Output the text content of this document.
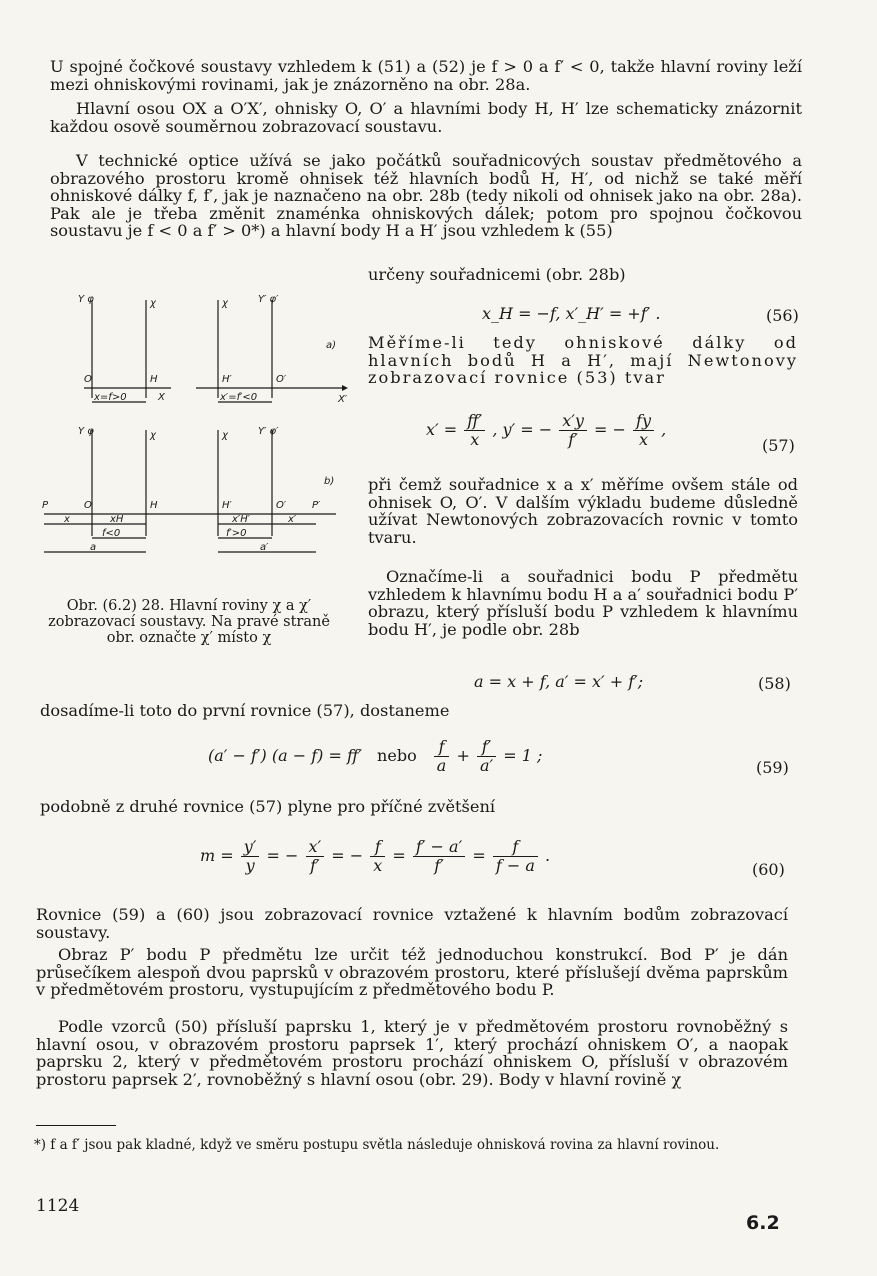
U spojné čočkové soustavy vzhledem k (51) a (52) je f > 0 a f′ < 0, takže hlavní roviny leží mezi ohniskovými rovinami, jak je znázorněno na obr. 28a.

Hlavní osou OX a O′X′, ohnisky O, O′ a hlavními body H, H′ lze schematicky znázornit každou osově souměrnou zobrazovací soustavu.

V technické optice užívá se jako počátků souřadnicových soustav předmětového a obrazového prostoru kromě ohnisek též hlavních bodů H, H′, od nichž se také měří ohniskové dálky f, f′, jak je naznačeno na obr. 28b (tedy nikoli od ohnisek jako na obr. 28a). Pak ale je třeba změnit znaménka ohniskových dálek; potom pro spojnou čočkovou soustavu je f < 0 a f′ > 0*) a hlavní body H a H′ jsou vzhledem k (55)

určeny souřadnicemi (obr. 28b)

x_H = −f, x′_H′ = +f′ .	(56)

Měříme-li tedy ohniskové dálky od hlavních bodů H a H′, mají Newtonovy zobrazovací rovnice (53) tvar

$x' = \frac{ff'}{x}$ , y′ = − $\frac{x'y}{f'}$ = − $\frac{fy}{x}$ ,
(57)

při čemž souřadnice x a x′ měříme ovšem stále od ohnisek O, O′. V dalším výkladu budeme důsledně užívat Newtonových zobrazovacích rovnic v tomto tvaru.

Označíme-li a souřadnici bodu P předmětu vzhledem k hlavnímu bodu H a a′ souřadnici bodu P′ obrazu, který přísluší bodu P vzhledem k hlavnímu bodu H′, je podle obr. 28b

Y φ	χ	χ	Y′ φ′
O	H	H′	O′
X	X′
x=f>0	x′=f′<0
a)
Y φ	χ	χ	Y′ φ′
P	O	H	H′	O′	P′
x	xH
f<0
a
x′H′	x′
f′>0
a′
b)

Obr. (6.2) 28. Hlavní roviny χ a χ′ zobrazovací soustavy. Na pravé straně obr. označte χ′ místo χ

a = x + f, a′ = x′ + f′;	(58)

dosadíme-li toto do první rovnice (57), dostaneme

(a′ − f′) (a − f) = ff′ nebo $\frac{f}{a} + \frac{f'}{a'} = 1$ ;
(59)

podobně z druhé rovnice (57) plyne pro příčné zvětšení

$m = \frac{y'}{y}$ = − $\frac{x'}{f'}$ = − $\frac{f}{x} = \frac{f' - a'}{f'} = \frac{f}{f - a}$ .
(60)

Rovnice (59) a (60) jsou zobrazovací rovnice vztažené k hlavním bodům zobrazovací soustavy.

Obraz P′ bodu P předmětu lze určit též jednoduchou konstrukcí. Bod P′ je dán průsečíkem alespoň dvou paprsků v obrazovém prostoru, které příslušejí dvěma paprskům v předmětovém prostoru, vystupujícím z předmětového bodu P.

Podle vzorců (50) přísluší paprsku 1, který je v předmětovém prostoru rovnoběžný s hlavní osou, v obrazovém prostoru paprsek 1′, který prochází ohniskem O′, a naopak paprsku 2, který v předmětovém prostoru prochází ohniskem O, přísluší v obrazovém prostoru paprsek 2′, rovnoběžný s hlavní osou (obr. 29). Body v hlavní rovině χ

*) f a f′ jsou pak kladné, když ve směru postupu světla následuje ohnisková rovina za hlavní rovinou.

1124
6.2
